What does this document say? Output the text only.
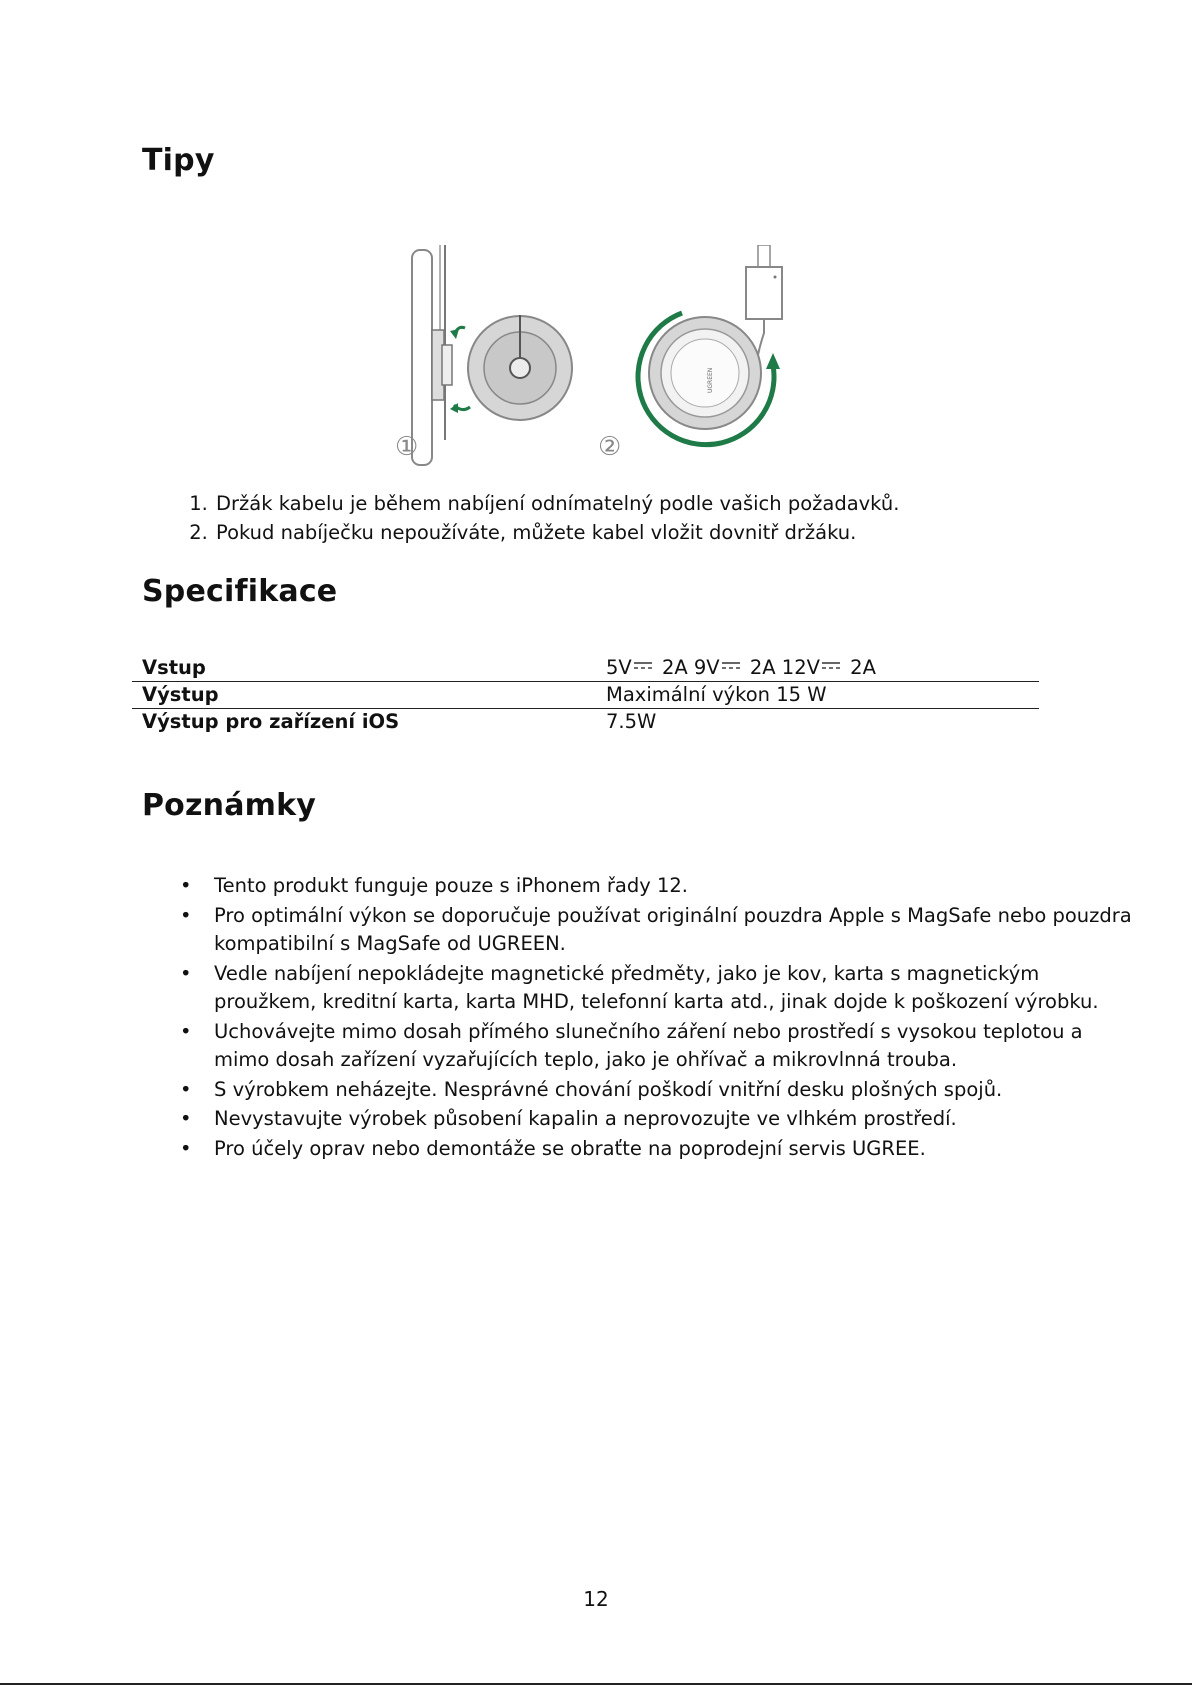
Tipy
①
UGREEN
②
1. Držák kabelu je během nabíjení odnímatelný podle vašich požadavků.
2. Pokud nabíječku nepoužíváte, můžete kabel vložit dovnitř držáku.
Specifikace
Vstup	5V 2A 9V 2A 12V 2A
Výstup	Maximální výkon 15 W
Výstup pro zařízení iOS	7.5W
Poznámky
• Tento produkt funguje pouze s iPhonem řady 12.
• Pro optimální výkon se doporučuje používat originální pouzdra Apple s MagSafe nebo pouzdra kompatibilní s MagSafe od UGREEN.
• Vedle nabíjení nepokládejte magnetické předměty, jako je kov, karta s magnetickým proužkem, kreditní karta, karta MHD, telefonní karta atd., jinak dojde k poškození výrobku.
• Uchovávejte mimo dosah přímého slunečního záření nebo prostředí s vysokou teplotou a mimo dosah zařízení vyzařujících teplo, jako je ohřívač a mikrovlnná trouba.
• S výrobkem neházejte. Nesprávné chování poškodí vnitřní desku plošných spojů.
• Nevystavujte výrobek působení kapalin a neprovozujte ve vlhkém prostředí.
• Pro účely oprav nebo demontáže se obraťte na poprodejní servis UGREE.
12
